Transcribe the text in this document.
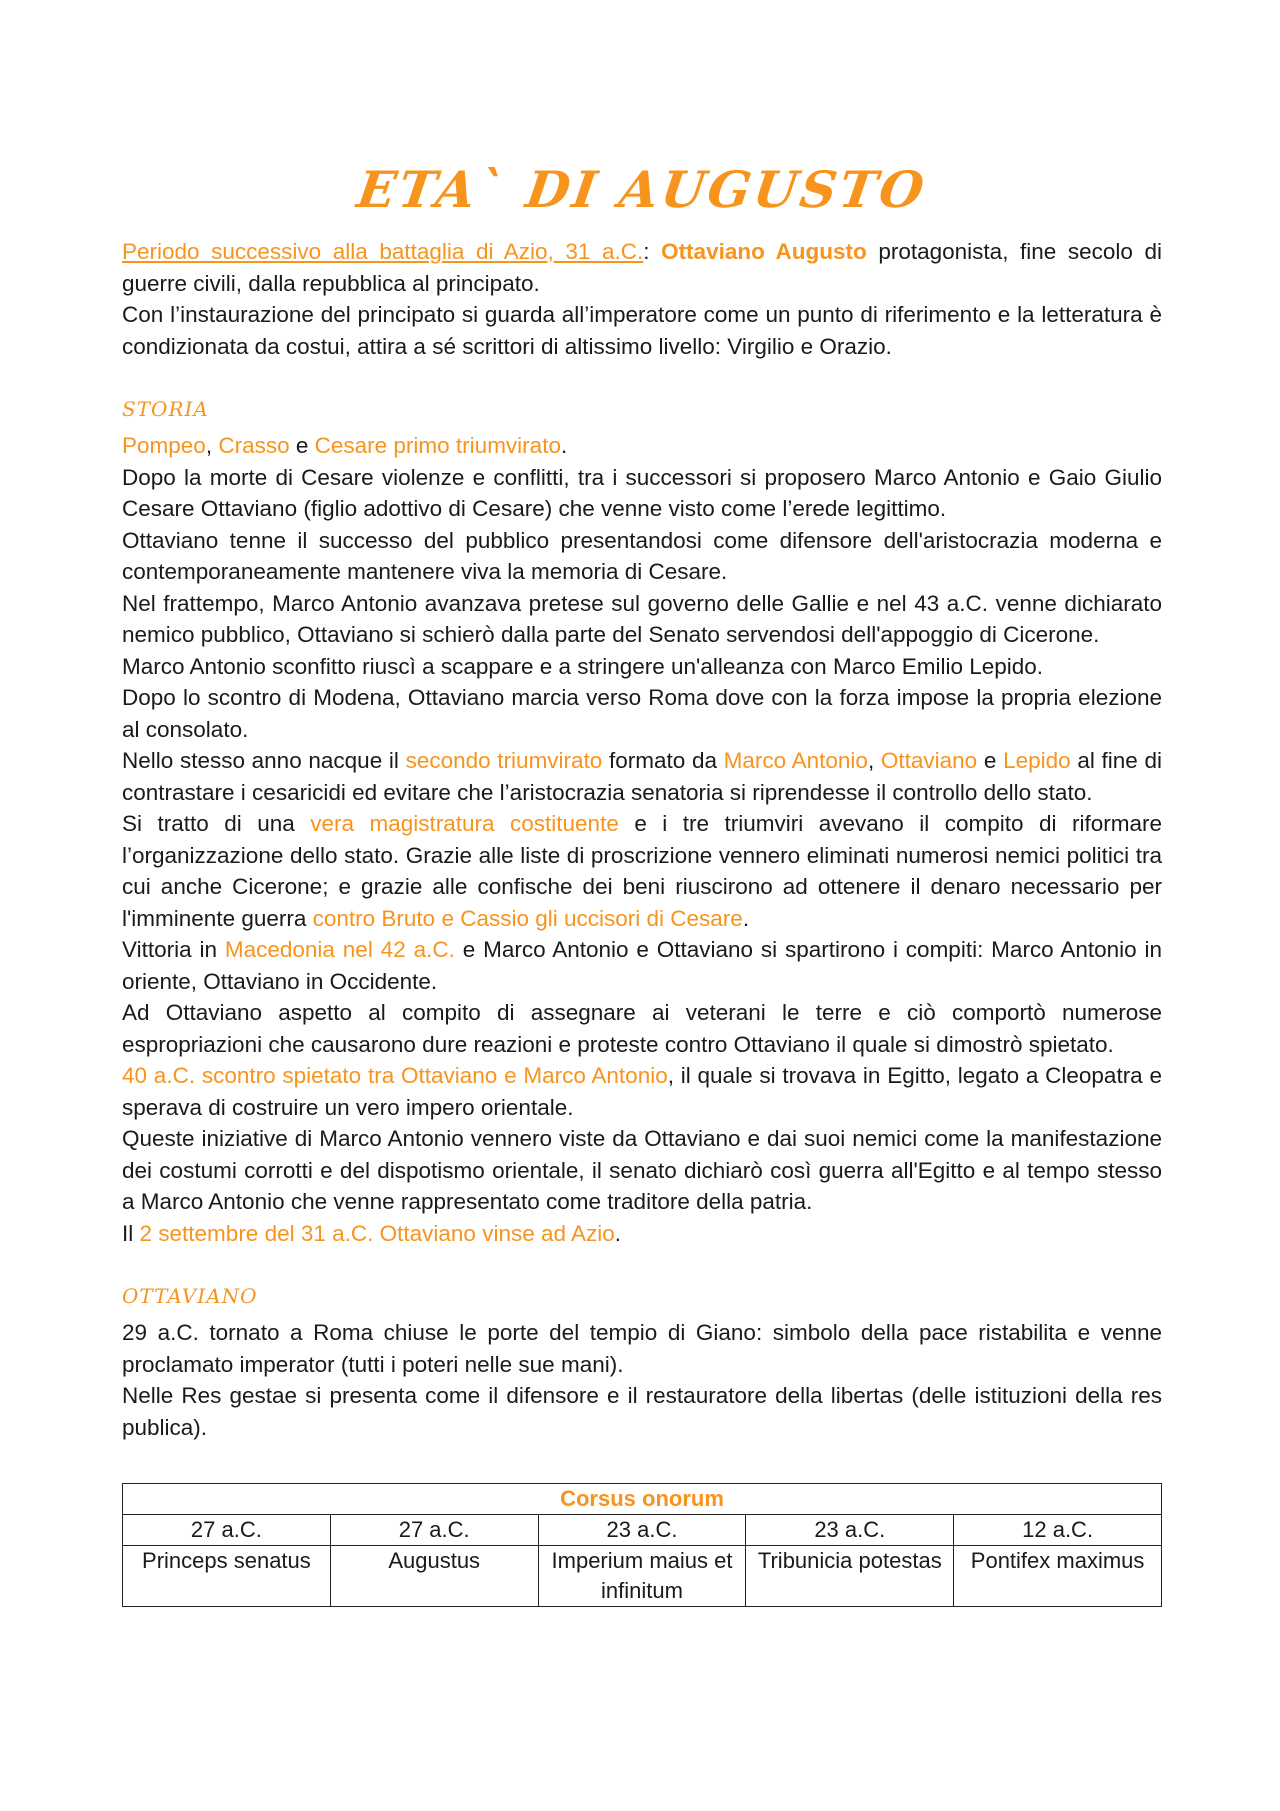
ETA` DI AUGUSTO

Periodo successivo alla battaglia di Azio, 31 a.C.: Ottaviano Augusto protagonista, fine secolo di guerre civili, dalla repubblica al principato.

Con l’instaurazione del principato si guarda all’imperatore come un punto di riferimento e la letteratura è condizionata da costui, attira a sé scrittori di altissimo livello: Virgilio e Orazio.

STORIA

Pompeo, Crasso e Cesare primo triumvirato.

Dopo la morte di Cesare violenze e conflitti, tra i successori si proposero Marco Antonio e Gaio Giulio Cesare Ottaviano (figlio adottivo di Cesare) che venne visto come l’erede legittimo.

Ottaviano tenne il successo del pubblico presentandosi come difensore dell'aristocrazia moderna e contemporaneamente mantenere viva la memoria di Cesare.

Nel frattempo, Marco Antonio avanzava pretese sul governo delle Gallie e nel 43 a.C. venne dichiarato nemico pubblico, Ottaviano si schierò dalla parte del Senato servendosi dell'appoggio di Cicerone.

Marco Antonio sconfitto riuscì a scappare e a stringere un'alleanza con Marco Emilio Lepido.

Dopo lo scontro di Modena, Ottaviano marcia verso Roma dove con la forza impose la propria elezione al consolato.

Nello stesso anno nacque il secondo triumvirato formato da Marco Antonio, Ottaviano e Lepido al fine di contrastare i cesaricidi ed evitare che l’aristocrazia senatoria si riprendesse il controllo dello stato.

Si tratto di una vera magistratura costituente e i tre triumviri avevano il compito di riformare l’organizzazione dello stato. Grazie alle liste di proscrizione vennero eliminati numerosi nemici politici tra cui anche Cicerone; e grazie alle confische dei beni riuscirono ad ottenere il denaro necessario per l'imminente guerra contro Bruto e Cassio gli uccisori di Cesare.

Vittoria in Macedonia nel 42 a.C. e Marco Antonio e Ottaviano si spartirono i compiti: Marco Antonio in oriente, Ottaviano in Occidente.

Ad Ottaviano aspetto al compito di assegnare ai veterani le terre e ciò comportò numerose espropriazioni che causarono dure reazioni e proteste contro Ottaviano il quale si dimostrò spietato.

40 a.C. scontro spietato tra Ottaviano e Marco Antonio, il quale si trovava in Egitto, legato a Cleopatra e sperava di costruire un vero impero orientale.

Queste iniziative di Marco Antonio vennero viste da Ottaviano e dai suoi nemici come la manifestazione dei costumi corrotti e del dispotismo orientale, il senato dichiarò così guerra all'Egitto e al tempo stesso a Marco Antonio che venne rappresentato come traditore della patria.

Il 2 settembre del 31 a.C. Ottaviano vinse ad Azio.

OTTAVIANO

29 a.C. tornato a Roma chiuse le porte del tempio di Giano: simbolo della pace ristabilita e venne proclamato imperator (tutti i poteri nelle sue mani).

Nelle Res gestae si presenta come il difensore e il restauratore della libertas (delle istituzioni della res publica).

Corsus onorum				
27 a.C.	27 a.C.	23 a.C.	23 a.C.	12 a.C.
Princeps senatus	Augustus	Imperium maius et infinitum	Tribunicia potestas	Pontifex maximus
